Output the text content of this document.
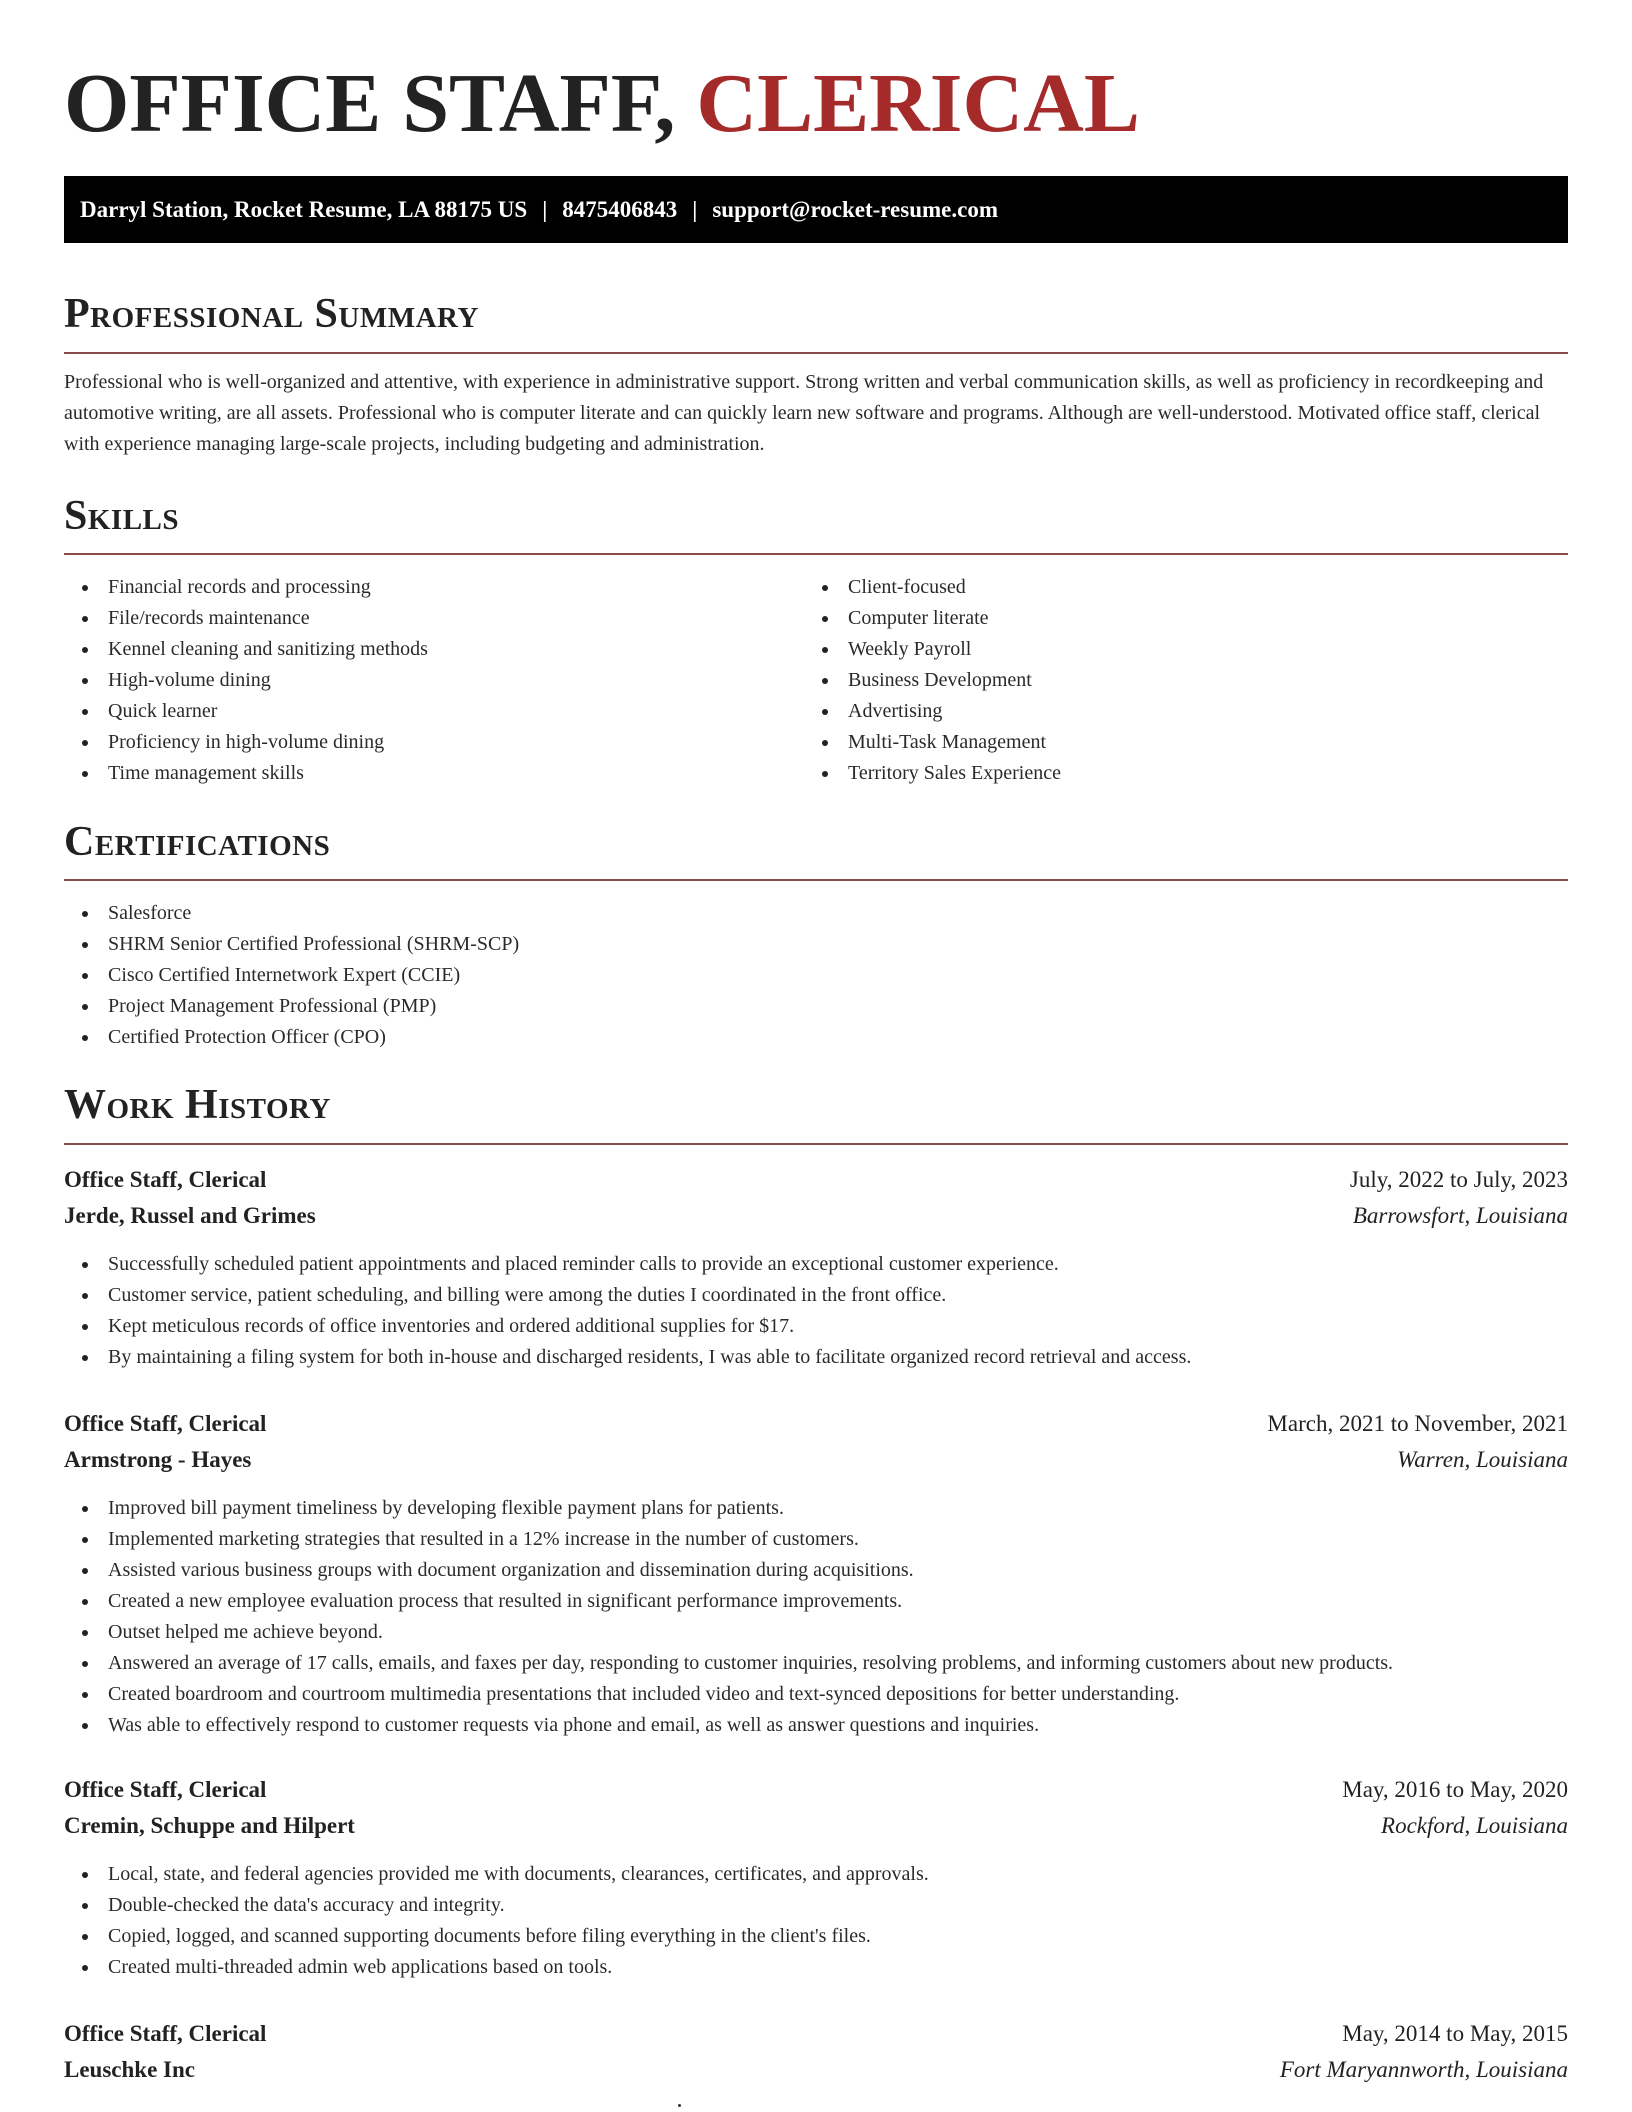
OFFICE STAFF, CLERICAL
Darryl Station, Rocket Resume, LA 88175 US | 8475406843 | support@rocket-resume.com
Professional Summary

Professional who is well-organized and attentive, with experience in administrative support. Strong written and verbal communication skills, as well as proficiency in recordkeeping and automotive writing, are all assets. Professional who is computer literate and can quickly learn new software and programs. Although are well-understood. Motivated office staff, clerical with experience managing large-scale projects, including budgeting and administration.

Skills
Financial records and processing
File/records maintenance
Kennel cleaning and sanitizing methods
High-volume dining
Quick learner
Proficiency in high-volume dining
Time management skills
Client-focused
Computer literate
Weekly Payroll
Business Development
Advertising
Multi-Task Management
Territory Sales Experience
Certifications
Salesforce
SHRM Senior Certified Professional (SHRM-SCP)
Cisco Certified Internetwork Expert (CCIE)
Project Management Professional (PMP)
Certified Protection Officer (CPO)
Work History
Office Staff, Clerical	July, 2022 to July, 2023
Jerde, Russel and Grimes	Barrowsfort, Louisiana
Successfully scheduled patient appointments and placed reminder calls to provide an exceptional customer experience.
Customer service, patient scheduling, and billing were among the duties I coordinated in the front office.
Kept meticulous records of office inventories and ordered additional supplies for $17.
By maintaining a filing system for both in-house and discharged residents, I was able to facilitate organized record retrieval and access.
Office Staff, Clerical	March, 2021 to November, 2021
Armstrong - Hayes	Warren, Louisiana
Improved bill payment timeliness by developing flexible payment plans for patients.
Implemented marketing strategies that resulted in a 12% increase in the number of customers.
Assisted various business groups with document organization and dissemination during acquisitions.
Created a new employee evaluation process that resulted in significant performance improvements.
Outset helped me achieve beyond.
Answered an average of 17 calls, emails, and faxes per day, responding to customer inquiries, resolving problems, and informing customers about new products.
Created boardroom and courtroom multimedia presentations that included video and text-synced depositions for better understanding.
Was able to effectively respond to customer requests via phone and email, as well as answer questions and inquiries.
Office Staff, Clerical	May, 2016 to May, 2020
Cremin, Schuppe and Hilpert	Rockford, Louisiana
Local, state, and federal agencies provided me with documents, clearances, certificates, and approvals.
Double-checked the data's accuracy and integrity.
Copied, logged, and scanned supporting documents before filing everything in the client's files.
Created multi-threaded admin web applications based on tools.
Office Staff, Clerical	May, 2014 to May, 2015
Leuschke Inc	Fort Maryannworth, Louisiana
